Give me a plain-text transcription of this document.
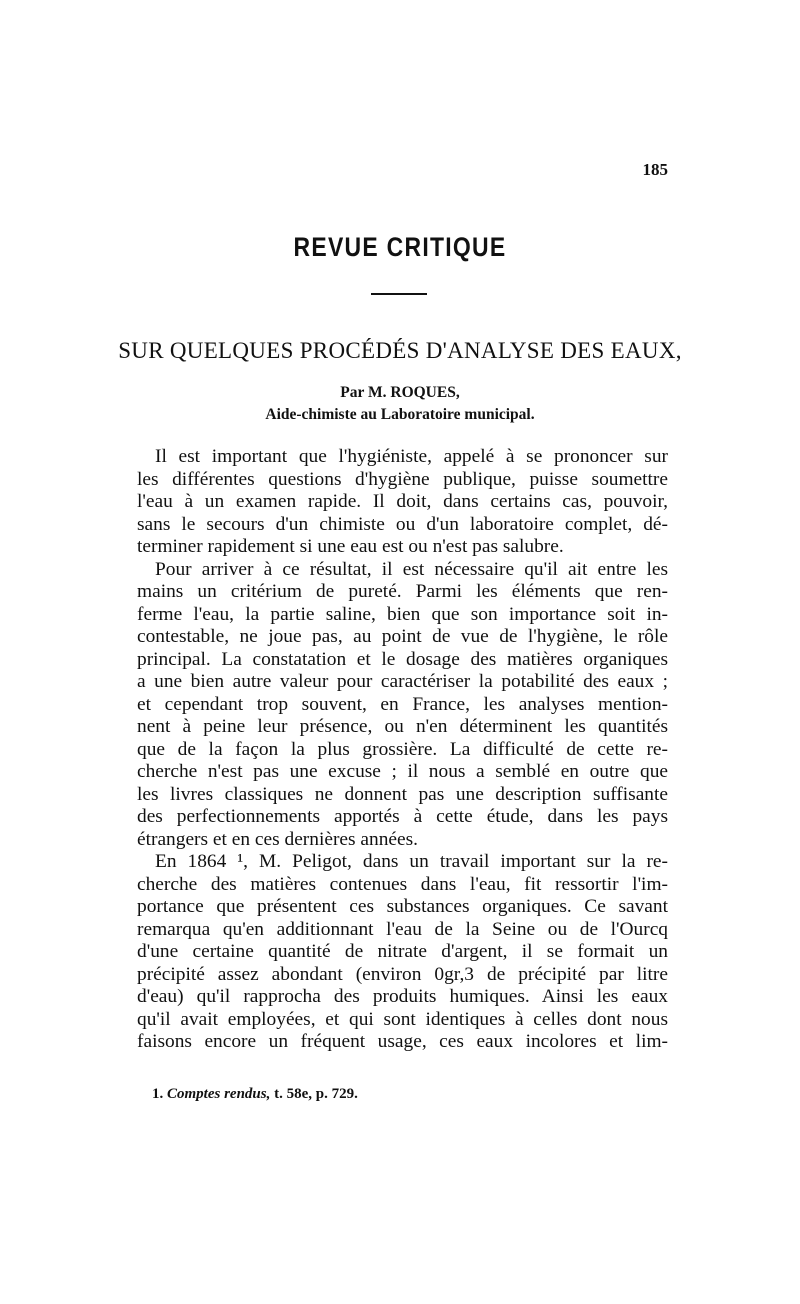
185
REVUE CRITIQUE
SUR QUELQUES PROCÉDÉS D'ANALYSE DES EAUX,
Par M. ROQUES,
Aide-chimiste au Laboratoire municipal.
Il est important que l'hygiéniste, appelé à se prononcer sur
les différentes questions d'hygiène publique, puisse soumettre
l'eau à un examen rapide. Il doit, dans certains cas, pouvoir,
sans le secours d'un chimiste ou d'un laboratoire complet, dé-
terminer rapidement si une eau est ou n'est pas salubre.
Pour arriver à ce résultat, il est nécessaire qu'il ait entre les
mains un critérium de pureté. Parmi les éléments que ren-
ferme l'eau, la partie saline, bien que son importance soit in-
contestable, ne joue pas, au point de vue de l'hygiène, le rôle
principal. La constatation et le dosage des matières organiques
a une bien autre valeur pour caractériser la potabilité des eaux ;
et cependant trop souvent, en France, les analyses mention-
nent à peine leur présence, ou n'en déterminent les quantités
que de la façon la plus grossière. La difficulté de cette re-
cherche n'est pas une excuse ; il nous a semblé en outre que
les livres classiques ne donnent pas une description suffisante
des perfectionnements apportés à cette étude, dans les pays
étrangers et en ces dernières années.
En 1864 ¹, M. Peligot, dans un travail important sur la re-
cherche des matières contenues dans l'eau, fit ressortir l'im-
portance que présentent ces substances organiques. Ce savant
remarqua qu'en additionnant l'eau de la Seine ou de l'Ourcq
d'une certaine quantité de nitrate d'argent, il se formait un
précipité assez abondant (environ 0gr,3 de précipité par litre
d'eau) qu'il rapprocha des produits humiques. Ainsi les eaux
qu'il avait employées, et qui sont identiques à celles dont nous
faisons encore un fréquent usage, ces eaux incolores et lim-
1. Comptes rendus, t. 58e, p. 729.
